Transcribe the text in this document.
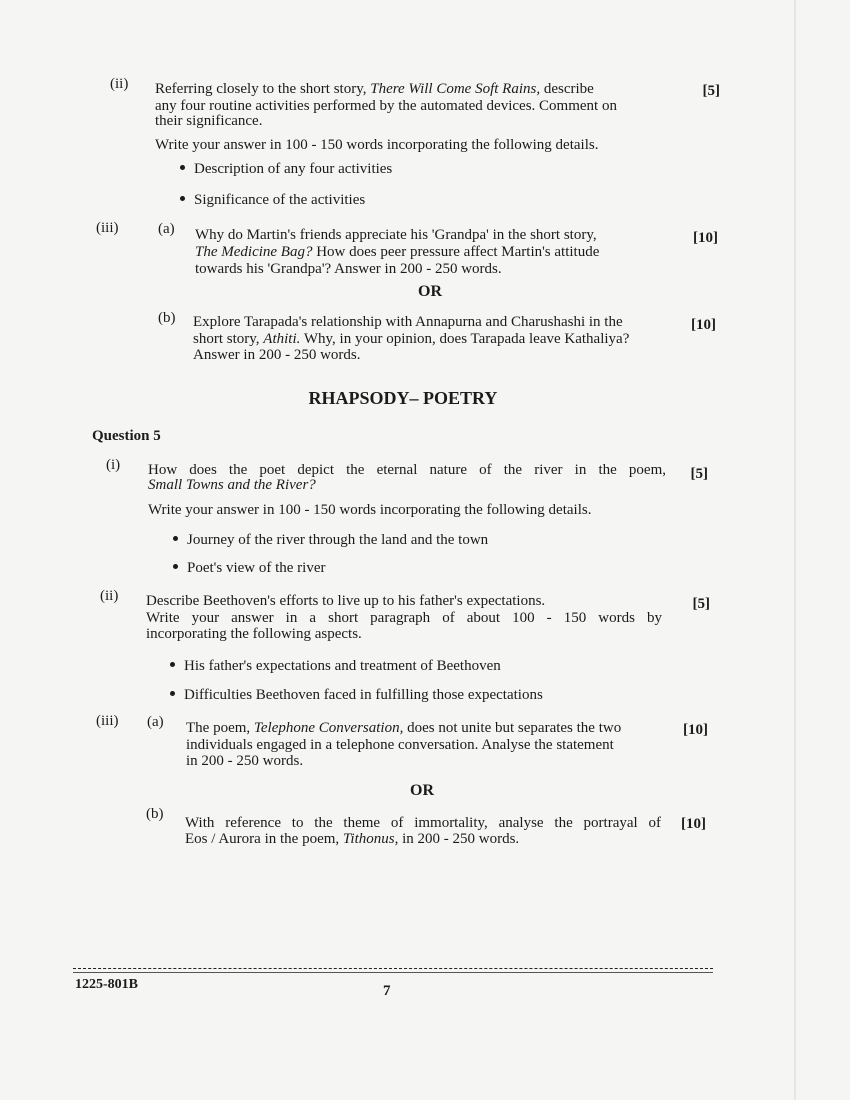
(ii) Referring closely to the short story, There Will Come Soft Rains, describe
any four routine activities performed by the automated devices. Comment on
their significance.
Write your answer in 100 - 150 words incorporating the following details.
Description of any four activities
Significance of the activities
[5]
(iii)	(a) Why do Martin's friends appreciate his 'Grandpa' in the short story,
The Medicine Bag? How does peer pressure affect Martin's attitude
towards his 'Grandpa'? Answer in 200 - 250 words.
[10]
OR
(b) Explore Tarapada's relationship with Annapurna and Charushashi in the
short story, Athiti. Why, in your opinion, does Tarapada leave Kathaliya?
Answer in 200 - 250 words.
[10]
RHAPSODY– POETRY
Question 5
(i) How does the poet depict the eternal nature of the river in the poem,
Small Towns and the River?
Write your answer in 100 - 150 words incorporating the following details.
Journey of the river through the land and the town
Poet's view of the river
[5]
(ii) Describe Beethoven's efforts to live up to his father's expectations.
Write your answer in a short paragraph of about 100 - 150 words by
incorporating the following aspects.
His father's expectations and treatment of Beethoven
Difficulties Beethoven faced in fulfilling those expectations
[5]
(iii) (a) The poem, Telephone Conversation, does not unite but separates the two
individuals engaged in a telephone conversation. Analyse the statement
in 200 - 250 words.
[10]
OR
(b)
With reference to the theme of immortality, analyse the portrayal of
Eos / Aurora in the poem, Tithonus, in 200 - 250 words.
[10]
1225-801B	7
